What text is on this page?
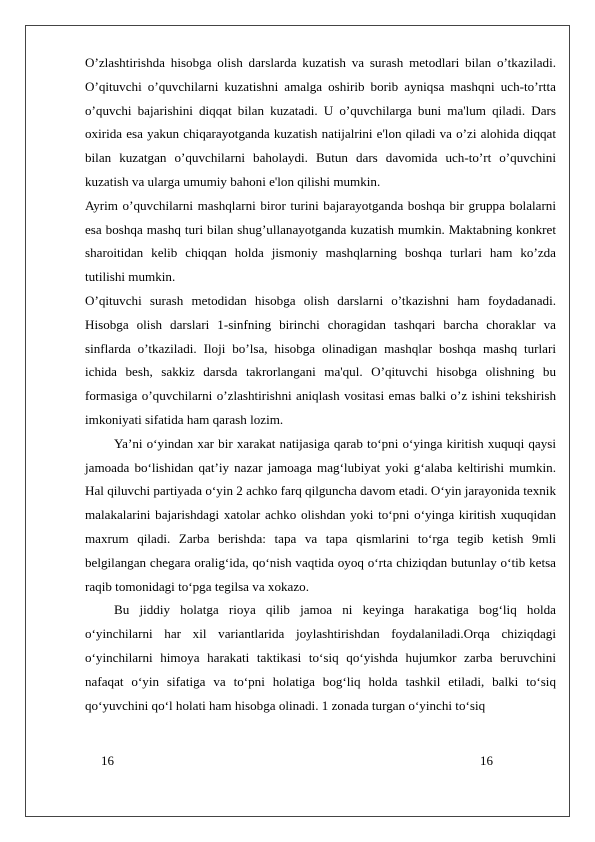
O’zlashtirishda hisobga olish darslarda kuzatish va surash metodlari bilan o’tkaziladi. O’qituvchi o’quvchilarni kuzatishni amalga oshirib borib ayniqsa mashqni uch-to’rtta o’quvchi bajarishini diqqat bilan kuzatadi. U o’quvchilarga buni ma'lum qiladi. Dars oxirida esa yakun chiqarayotganda kuzatish natijalrini e'lon qiladi va o’zi alohida diqqat bilan kuzatgan o’quvchilarni baholaydi. Butun dars davomida uch-to’rt o’quvchini kuzatish va ularga umumiy bahoni e'lon qilishi mumkin.

Ayrim o’quvchilarni mashqlarni biror turini bajarayotganda boshqa bir gruppa bolalarni esa boshqa mashq turi bilan shug’ullanayotganda kuzatish mumkin. Maktabning konkret sharoitidan kelib chiqqan holda jismoniy mashqlarning boshqa turlari ham ko’zda tutilishi mumkin.

O’qituvchi surash metodidan hisobga olish darslarni o’tkazishni ham foydadanadi. Hisobga olish darslari 1-sinfning birinchi choragidan tashqari barcha choraklar va sinflarda o’tkaziladi. Iloji bo’lsa, hisobga olinadigan mashqlar boshqa mashq turlari ichida besh, sakkiz darsda takrorlangani ma'qul. O’qituvchi hisobga olishning bu formasiga o’quvchilarni o’zlashtirishni aniqlash vositasi emas balki o’z ishini tekshirish imkoniyati sifatida ham qarash lozim.

Ya’ni o‘yindan xar bir xarakat natijasiga qarab to‘pni o‘yinga kiritish xuquqi qaysi jamoada bo‘lishidan qat’iy nazar jamoaga mag‘lubiyat yoki g‘alaba keltirishi mumkin. Hal qiluvchi partiyada o‘yin 2 achko farq qilguncha davom etadi. O‘yin jarayonida texnik malakalarini bajarishdagi xatolar achko olishdan yoki to‘pni o‘yinga kiritish xuquqidan maxrum qiladi. Zarba berishda: tapa va tapa qismlarini to‘rga tegib ketish 9mli belgilangan chegara oralig‘ida, qo‘nish vaqtida oyoq o‘rta chiziqdan butunlay o‘tib ketsa raqib tomonidagi to‘pga tegilsa va xokazo.

Bu jiddiy holatga rioya qilib jamoa ni keyinga harakatiga bog‘liq holda o‘yinchilarni har xil variantlarida joylashtirishdan foydalaniladi.Orqa chiziqdagi o‘yinchilarni himoya harakati taktikasi to‘siq qo‘yishda hujumkor zarba beruvchini nafaqat o‘yin sifatiga va to‘pni holatiga bog‘liq holda tashkil etiladi, balki to‘siq qo‘yuvchini qo‘l holati ham hisobga olinadi. 1 zonada turgan o‘yinchi to‘siq

16	16
